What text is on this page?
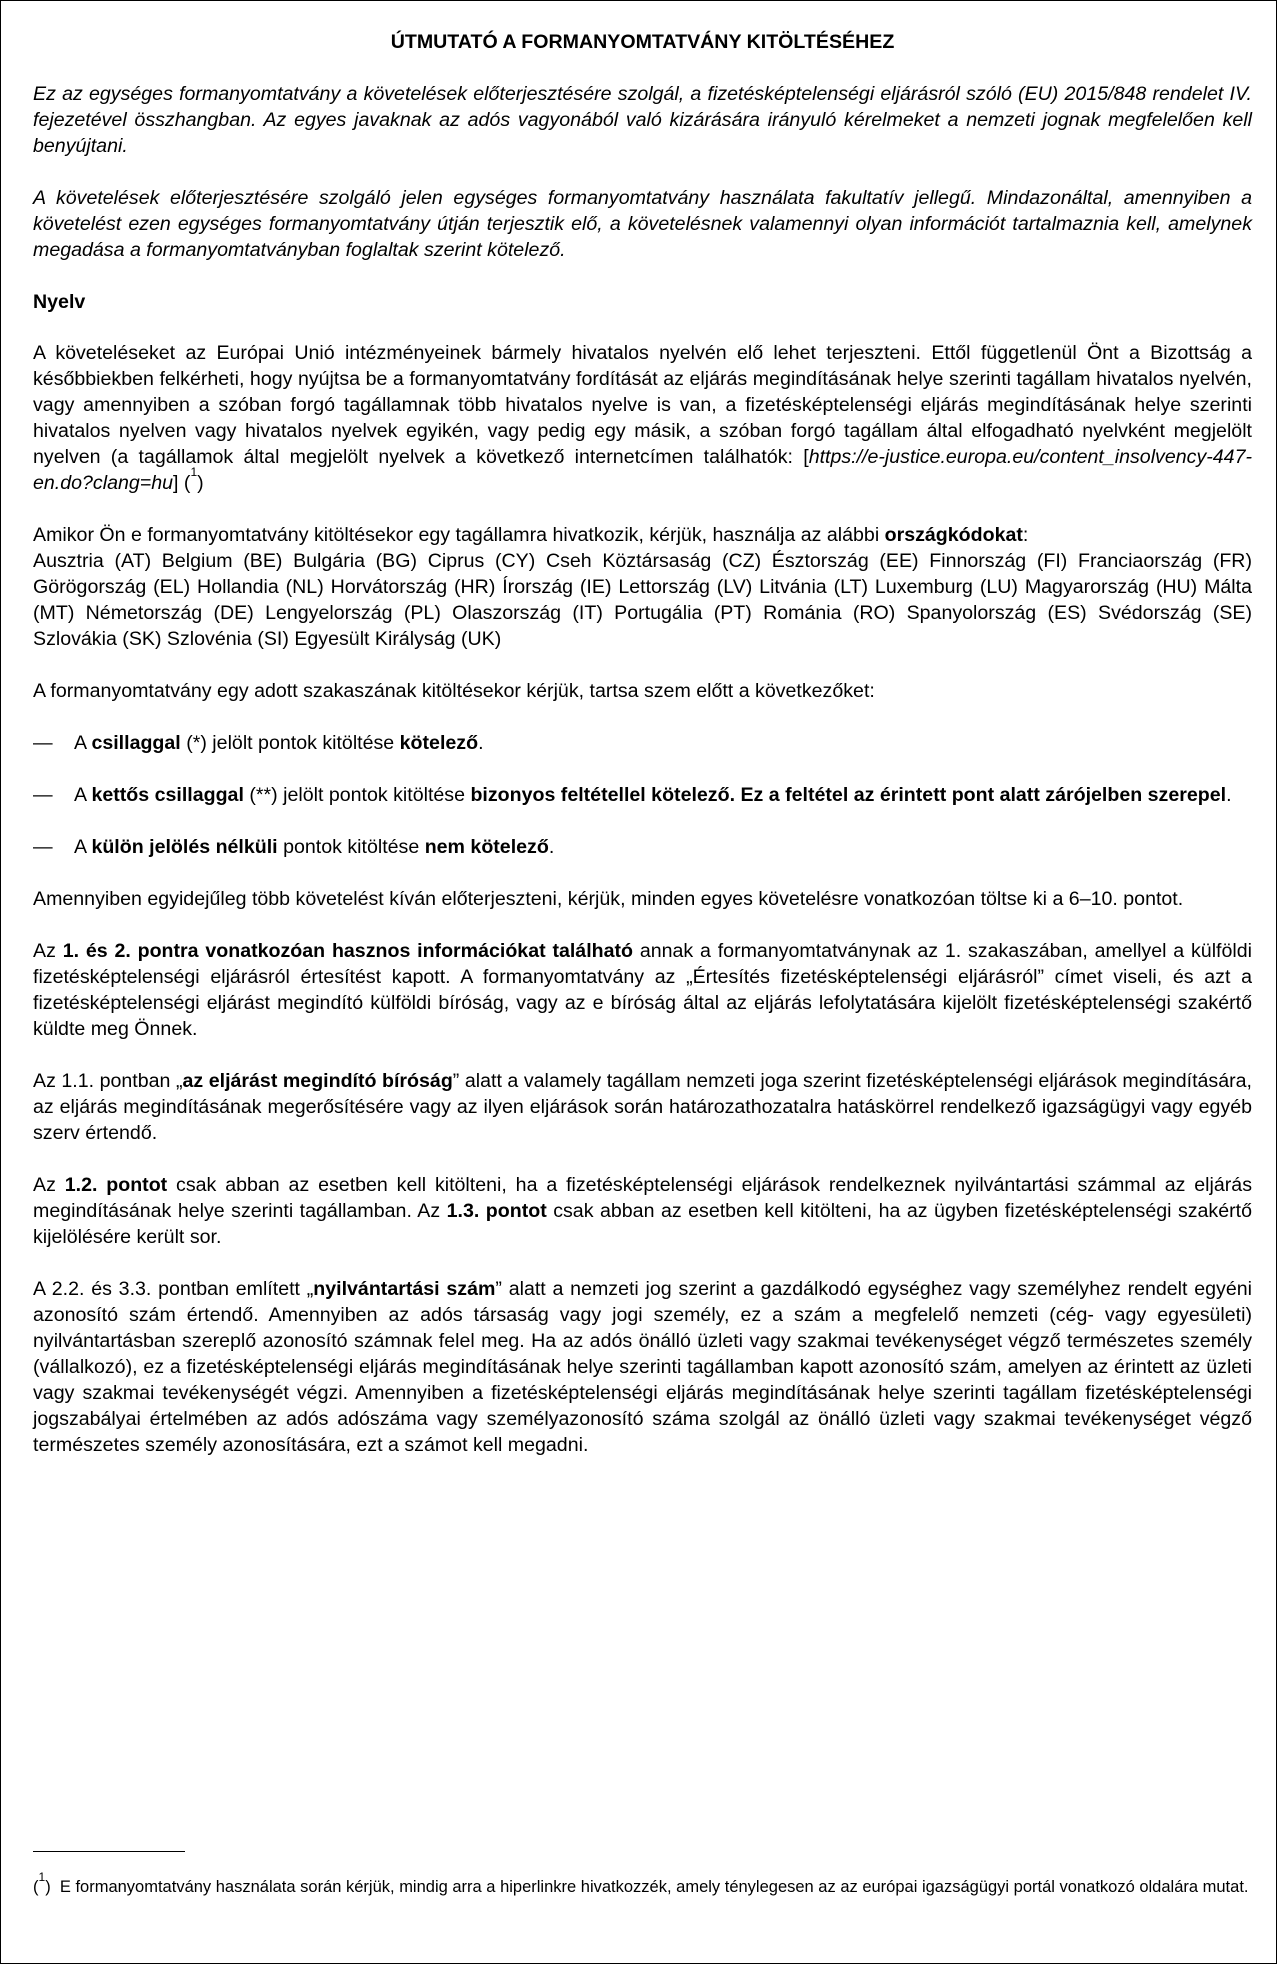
ÚTMUTATÓ A FORMANYOMTATVÁNY KITÖLTÉSÉHEZ

Ez az egységes formanyomtatvány a követelések előterjesztésére szolgál, a fizetésképtelenségi eljárásról szóló (EU) 2015/848 rendelet IV. fejezetével összhangban. Az egyes javaknak az adós vagyonából való kizárására irányuló kérelmeket a nemzeti jognak megfelelően kell benyújtani.

A követelések előterjesztésére szolgáló jelen egységes formanyomtatvány használata fakultatív jellegű. Mindazonáltal, amennyiben a követelést ezen egységes formanyomtatvány útján terjesztik elő, a követelésnek valamennyi olyan információt tartalmaznia kell, amelynek megadása a formanyomtatványban foglaltak szerint kötelező.

Nyelv

A követeléseket az Európai Unió intézményeinek bármely hivatalos nyelvén elő lehet terjeszteni. Ettől függetlenül Önt a Bizottság a későbbiekben felkérheti, hogy nyújtsa be a formanyomtatvány fordítását az eljárás megindításának helye szerinti tagállam hivatalos nyelvén, vagy amennyiben a szóban forgó tagállamnak több hivatalos nyelve is van, a fizetésképtelenségi eljárás megindításának helye szerinti hivatalos nyelven vagy hivatalos nyelvek egyikén, vagy pedig egy másik, a szóban forgó tagállam által elfogadható nyelvként megjelölt nyelven (a tagállamok által megjelölt nyelvek a következő internetcímen találhatók: [https://e-justice.europa.eu/content_insolvency-447-en.do?clang=hu] ($^1$)

Amikor Ön e formanyomtatvány kitöltésekor egy tagállamra hivatkozik, kérjük, használja az alábbi országkódokat:
Ausztria (AT) Belgium (BE) Bulgária (BG) Ciprus (CY) Cseh Köztársaság (CZ) Észtország (EE) Finnország (FI) Franciaország (FR) Görögország (EL) Hollandia (NL) Horvátország (HR) Írország (IE) Lettország (LV) Litvánia (LT) Luxemburg (LU) Magyarország (HU) Málta (MT) Németország (DE) Lengyelország (PL) Olaszország (IT) Portugália (PT) Románia (RO) Spanyolország (ES) Svédország (SE) Szlovákia (SK) Szlovénia (SI) Egyesült Királyság (UK)

A formanyomtatvány egy adott szakaszának kitöltésekor kérjük, tartsa szem előtt a következőket:

— A csillaggal (*) jelölt pontok kitöltése kötelező.
— A kettős csillaggal (**) jelölt pontok kitöltése bizonyos feltétellel kötelező. Ez a feltétel az érintett pont alatt zárójelben szerepel.
— A külön jelölés nélküli pontok kitöltése nem kötelező.

Amennyiben egyidejűleg több követelést kíván előterjeszteni, kérjük, minden egyes követelésre vonatkozóan töltse ki a 6–10. pontot.

Az 1. és 2. pontra vonatkozóan hasznos információkat található annak a formanyomtatványnak az 1. szakaszában, amellyel a külföldi fizetésképtelenségi eljárásról értesítést kapott. A formanyomtatvány az „Értesítés fizetésképtelenségi eljárásról” címet viseli, és azt a fizetésképtelenségi eljárást megindító külföldi bíróság, vagy az e bíróság által az eljárás lefolytatására kijelölt fizetésképtelenségi szakértő küldte meg Önnek.

Az 1.1. pontban „az eljárást megindító bíróság” alatt a valamely tagállam nemzeti joga szerint fizetésképtelenségi eljárások megindítására, az eljárás megindításának megerősítésére vagy az ilyen eljárások során határozathozatalra hatáskörrel rendelkező igazságügyi vagy egyéb szerv értendő.

Az 1.2. pontot csak abban az esetben kell kitölteni, ha a fizetésképtelenségi eljárások rendelkeznek nyilvántartási számmal az eljárás megindításának helye szerinti tagállamban. Az 1.3. pontot csak abban az esetben kell kitölteni, ha az ügyben fizetésképtelenségi szakértő kijelölésére került sor.

A 2.2. és 3.3. pontban említett „nyilvántartási szám” alatt a nemzeti jog szerint a gazdálkodó egységhez vagy személyhez rendelt egyéni azonosító szám értendő. Amennyiben az adós társaság vagy jogi személy, ez a szám a megfelelő nemzeti (cég- vagy egyesületi) nyilvántartásban szereplő azonosító számnak felel meg. Ha az adós önálló üzleti vagy szakmai tevékenységet végző természetes személy (vállalkozó), ez a fizetésképtelenségi eljárás megindításának helye szerinti tagállamban kapott azonosító szám, amelyen az érintett az üzleti vagy szakmai tevékenységét végzi. Amennyiben a fizetésképtelenségi eljárás megindításának helye szerinti tagállam fizetésképtelenségi jogszabályai értelmében az adós adószáma vagy személyazonosító száma szolgál az önálló üzleti vagy szakmai tevékenységet végző természetes személy azonosítására, ezt a számot kell megadni.

($^1$) E formanyomtatvány használata során kérjük, mindig arra a hiperlinkre hivatkozzék, amely ténylegesen az az európai igazságügyi portál vonatkozó oldalára mutat.
